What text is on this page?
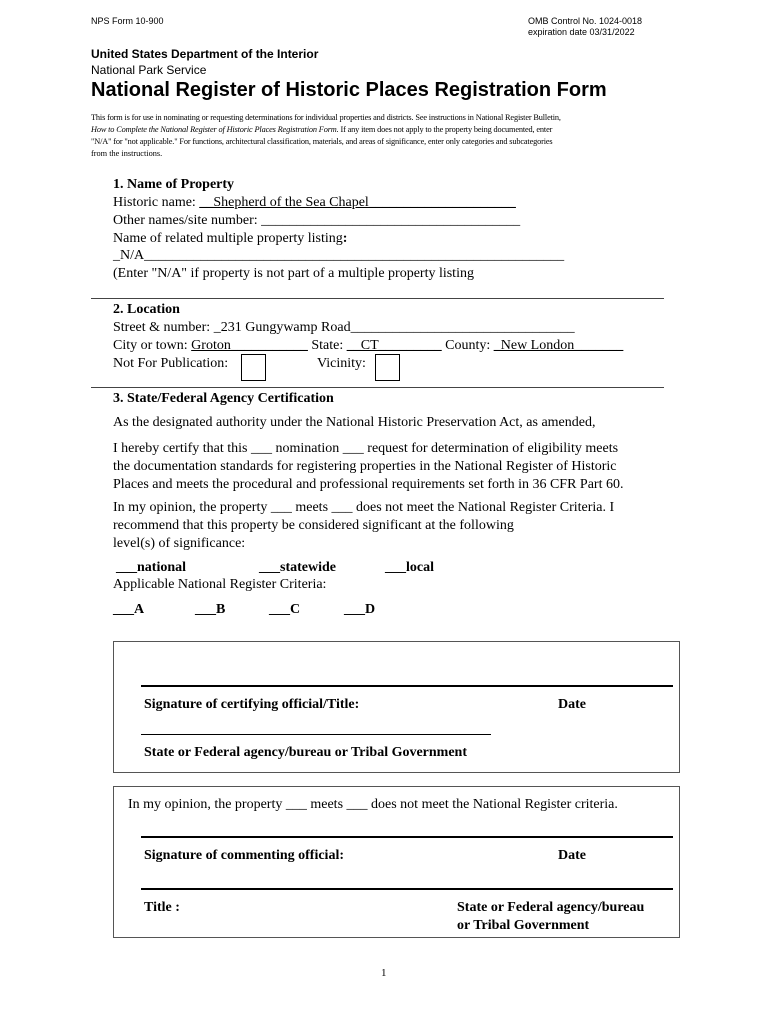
NPS Form 10-900	OMB Control No. 1024-0018
expiration date 03/31/2022
United States Department of the Interior
National Park Service
National Register of Historic Places Registration Form
This form is for use in nominating or requesting determinations for individual properties and districts. See instructions in National Register Bulletin,
How to Complete the National Register of Historic Places Registration Form. If any item does not apply to the property being documented, enter
"N/A" for "not applicable." For functions, architectural classification, materials, and areas of significance, enter only categories and subcategories
from the instructions.
1. Name of Property
Historic name: __Shepherd of the Sea Chapel_____________________
Other names/site number: _____________________________________
Name of related multiple property listing:
_N/A____________________________________________________________
(Enter "N/A" if property is not part of a multiple property listing
2. Location
Street & number: _231 Gungywamp Road________________________________
City or town: Groton___________ State: __CT_________ County: _New London_______
Not For Publication:	Vicinity:
3. State/Federal Agency Certification
As the designated authority under the National Historic Preservation Act, as amended,
I hereby certify that this ___ nomination ___ request for determination of eligibility meets
the documentation standards for registering properties in the National Register of Historic
Places and meets the procedural and professional requirements set forth in 36 CFR Part 60.
In my opinion, the property ___ meets ___ does not meet the National Register Criteria. I
recommend that this property be considered significant at the following
level(s) of significance:
___national	___statewide	___local
Applicable National Register Criteria:
___A	___B	___C	___D
Signature of certifying official/Title:	Date
State or Federal agency/bureau or Tribal Government
In my opinion, the property ___ meets ___ does not meet the National Register criteria.
Signature of commenting official:	Date
Title :	State or Federal agency/bureau
or Tribal Government
1
